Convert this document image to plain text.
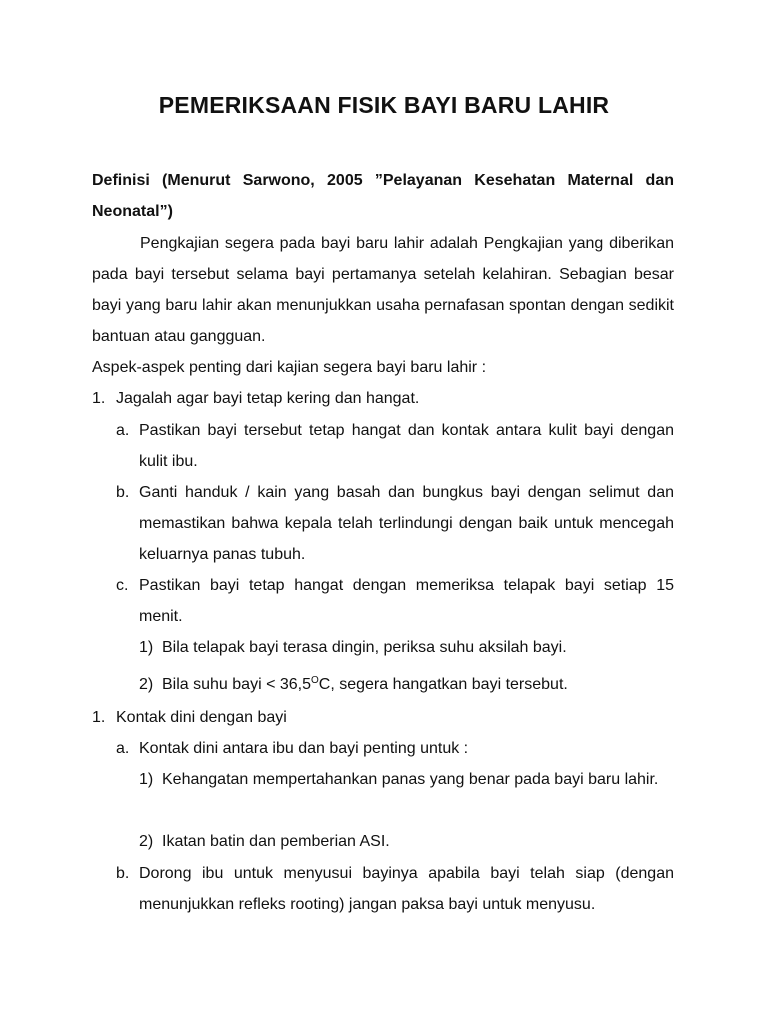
PEMERIKSAAN FISIK BAYI BARU LAHIR

Definisi (Menurut Sarwono, 2005 ”Pelayanan Kesehatan Maternal dan Neonatal”)

Pengkajian segera pada bayi baru lahir adalah Pengkajian yang diberikan pada bayi tersebut selama bayi pertamanya setelah kelahiran. Sebagian besar bayi yang baru lahir akan menunjukkan usaha pernafasan spontan dengan sedikit bantuan atau gangguan.
Aspek-aspek penting dari kajian segera bayi baru lahir :
1. Jagalah agar bayi tetap kering dan hangat.
a. Pastikan bayi tersebut tetap hangat dan kontak antara kulit bayi dengan kulit ibu.
b. Ganti handuk / kain yang basah dan bungkus bayi dengan selimut dan memastikan bahwa kepala telah terlindungi dengan baik untuk mencegah keluarnya panas tubuh.
c. Pastikan bayi tetap hangat dengan memeriksa telapak bayi setiap 15 menit.
1) Bila telapak bayi terasa dingin, periksa suhu aksilah bayi.
2) Bila suhu bayi < $36,5^OC$, segera hangatkan bayi tersebut.
1. Kontak dini dengan bayi
a. Kontak dini antara ibu dan bayi penting untuk :
1) Kehangatan mempertahankan panas yang benar pada bayi baru lahir.
2) Ikatan batin dan pemberian ASI.
b. Dorong ibu untuk menyusui bayinya apabila bayi telah siap (dengan menunjukkan refleks rooting) jangan paksa bayi untuk menyusu.
